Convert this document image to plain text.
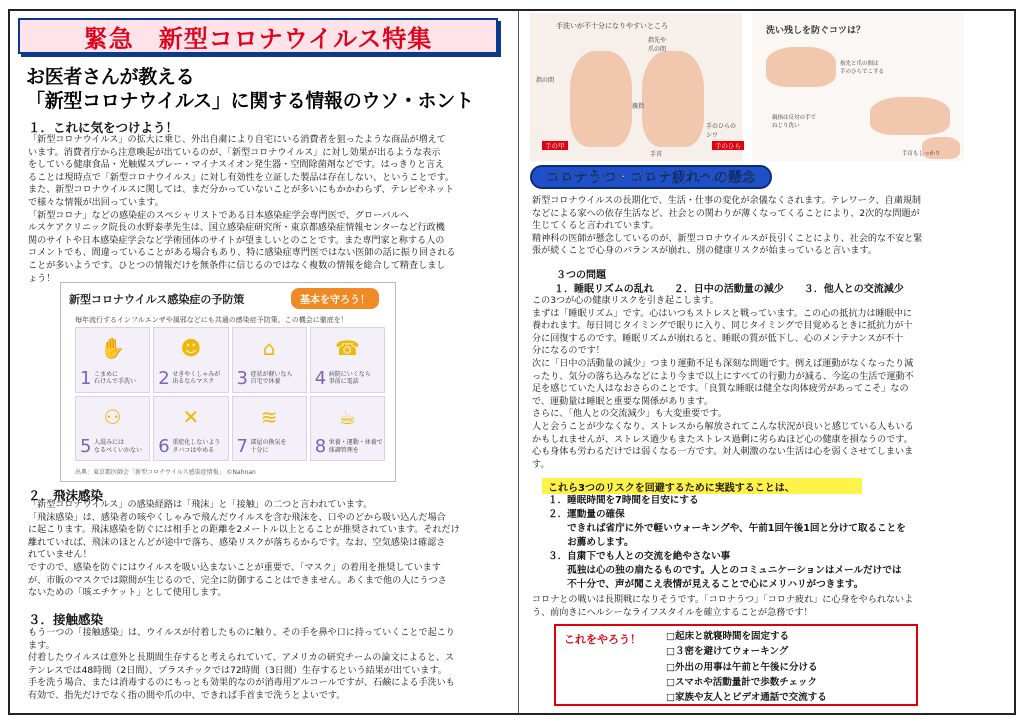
緊急　新型コロナウイルス特集
お医者さんが教える
「新型コロナウイルス」に関する情報のウソ・ホント
１．これに気をつけよう！
「新型コロナウイルス」の拡大に乗じ、外出自粛により自宅にいる消費者を狙ったような商品が増えて
います。消費者庁から注意喚起が出ているのが、「新型コロナウイルス」に対し効果が出るような表示
をしている健康食品・光触媒スプレー・マイナスイオン発生器・空間除菌剤などです。はっきりと言え
ることは現時点で「新型コロナウイルス」に対し有効性を立証した製品は存在しない、ということです。
また、新型コロナウイルスに関しては、まだ分かっていないことが多いにもかかわらず、テレビやネット
で様々な情報が出回っています。
「新型コロナ」などの感染症のスペシャリストである日本感染症学会専門医で、グローバルヘ
ルスケアクリニック院長の水野泰孝先生は、国立感染症研究所・東京都感染症情報センターなど行政機
関のサイトや日本感染症学会など学術団体のサイトが望ましいとのことです。また専門家と称する人の
コメントでも、間違っていることがある場合もあり、特に感染症専門医ではない医師の話に振り回される
ことが多いようです。ひとつの情報だけを無条件に信じるのではなく複数の情報を総合して精査しまし
ょう！
新型コロナウイルス感染症の予防策	基本を守ろう！
毎年流行するインフルエンザや風邪などにも共通の感染症予防策。この機会に徹底を！
✋
1 こまめに
石けんで手洗い
☻
2 せきやくしゃみが
出るならマスク
⌂
3 症状が軽いなら
自宅で休養
☎
4 病院にいくなら
事前に電話
⚇
5 人混みには
なるべくいかない
✕
6 重症化しないよう
タバコはやめる
≋
7 部屋の換気を
十分に
☕
8 栄養・運動・休養で
体調管理を
出典：東京都医師会「新型コロナウイルス感染症情報」 ©Nahnan
２．飛沫感染
「新型コロナウイルス」の感染経路は「飛沫」と「接触」の二つと言われています。
「飛沫感染」は、感染者の咳やくしゃみで飛んだウイルスを含む飛沫を、口やのどから吸い込んだ場合
に起こります。飛沫感染を防ぐには相手との距離を2メートル以上とることが推奨されています。それだけ
離れていれば、飛沫のほとんどが途中で落ち、感染リスクが落ちるからです。なお、空気感染は確認さ
れていません！
ですので、感染を防ぐにはウイルスを吸い込まないことが重要で、「マスク」の着用を推奨しています
が、市販のマスクでは隙間が生じるので、完全に防御することはできません。あくまで他の人にうつさ
ないための「咳エチケット」として使用します。
３．接触感染
もう一つの「接触感染」は、ウイルスが付着したものに触り、その手を鼻や口に持っていくことで起こり
ます。
付着したウイルスは意外と長期間生存すると考えられていて、アメリカの研究チームの論文によると、ス
テンレスでは48時間（2日間）、プラスチックでは72時間（3日間）生存するという結果が出ています。
手を洗う場合、または消毒するのにもっとも効果的なのが消毒用アルコールですが、石鹸による手洗いも
有効で、指先だけでなく指の間や爪の中、できれば手首まで洗うとよいです。
手洗いが不十分になりやすいところ
指先や
爪の間
指の間
親指
手のひらの
シワ
手首
手の甲	手のひら
洗い残しを防ぐコツは？
指先と爪の間は
手のひらでこする
手首もしっかり
親指は反対の手で
ねじり洗い
コロナうつ・コロナ疲れへの懸念
新型コロナウイルスの長期化で、生活・仕事の変化が余儀なくされます。テレワーク、自粛規制
などによる家への依存生活など、社会との関わりが薄くなってくることにより、2次的な問題が
生じてくると言われています。
精神科の医師が懸念しているのが、新型コロナウイルスが長引くことにより、社会的な不安と緊
張が続くことで心身のバランスが崩れ、別の健康リスクが始まっていると言います。
３つの問題
１．睡眠リズムの乱れ　　２．日中の活動量の減少　　３．他人との交流減少
この3つが心の健康リスクを引き起こします。
まずは「睡眠リズム」です。心はいつもストレスと戦っています。この心の抵抗力は睡眠中に
養われます。毎日同じタイミングで眠りに入り、同じタイミングで目覚めるときに抵抗力が十
分に回復するのです。睡眠リズムが崩れると、睡眠の質が低下し、心のメンテナンスが不十
分になるのです！
次に「日中の活動量の減少」つまり運動不足も深刻な問題です。例えば運動がなくなったり減
ったり、気分の落ち込みなどにより今まで以上にすべての行動力が減る、今迄の生活で運動不
足を感じていた人はなおさらのことです。「良質な睡眠は健全な肉体疲労があってこそ」なの
で、運動量は睡眠と重要な関係があります。
さらに、「他人との交流減少」も大変重要です。
人と会うことが少なくなり、ストレスから解放されてこんな状況が良いと感じている人もいる
かもしれませんが、ストレス過少もまたストレス過剰に劣らぬほど心の健康を損なうのです。
心も身体も労わるだけでは弱くなる一方です。対人刺激のない生活は心を弱くさせてしまいま
す。
これら3つのリスクを回避するために実践することは、
１．睡眠時間を7時間を目安にする
２．運動量の確保
　　できれば省庁に外で軽いウォーキングや、午前1回午後1回と分けて取ることを
　　お薦めします。
３．自粛下でも人との交流を絶やさない事
　　孤独は心の独の扇たるものです。人とのコミュニケーションはメールだけでは
　　不十分で、声が聞こえ表情が見えることで心にメリハリがつきます。
コロナとの戦いは長期戦になりそうです。「コロナうつ」「コロナ疲れ」に心身をやられないよ
う、前向きにヘルシーなライフスタイルを確立することが急務です！
これをやろう！	□起床と就寝時間を固定する
□３密を避けてウォーキング
□外出の用事は午前と午後に分ける
□スマホや活動量計で歩数チェック
□家族や友人とビデオ通話で交流する
